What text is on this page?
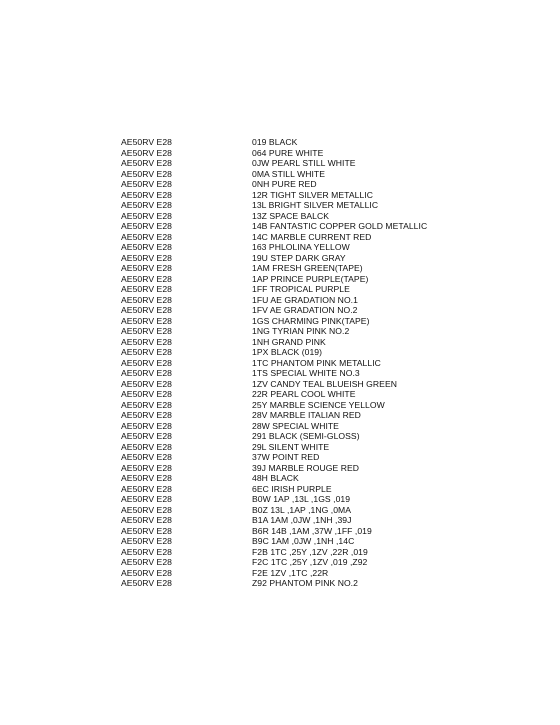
AE50RV E28	019 BLACK
AE50RV E28	064 PURE WHITE
AE50RV E28	0JW PEARL STILL WHITE
AE50RV E28	0MA STILL WHITE
AE50RV E28	0NH PURE RED
AE50RV E28	12R TIGHT SILVER METALLIC
AE50RV E28	13L BRIGHT SILVER METALLIC
AE50RV E28	13Z SPACE BALCK
AE50RV E28	14B FANTASTIC COPPER GOLD METALLIC
AE50RV E28	14C MARBLE CURRENT RED
AE50RV E28	163 PHLOLINA YELLOW
AE50RV E28	19U STEP DARK GRAY
AE50RV E28	1AM FRESH GREEN(TAPE)
AE50RV E28	1AP PRINCE PURPLE(TAPE)
AE50RV E28	1FF TROPICAL PURPLE
AE50RV E28	1FU AE GRADATION NO.1
AE50RV E28	1FV AE GRADATION NO.2
AE50RV E28	1GS CHARMING PINK(TAPE)
AE50RV E28	1NG TYRIAN PINK NO.2
AE50RV E28	1NH GRAND PINK
AE50RV E28	1PX BLACK (019)
AE50RV E28	1TC PHANTOM PINK METALLIC
AE50RV E28	1TS SPECIAL WHITE NO.3
AE50RV E28	1ZV CANDY TEAL BLUEISH GREEN
AE50RV E28	22R PEARL COOL WHITE
AE50RV E28	25Y MARBLE SCIENCE YELLOW
AE50RV E28	28V MARBLE ITALIAN RED
AE50RV E28	28W SPECIAL WHITE
AE50RV E28	291 BLACK (SEMI-GLOSS)
AE50RV E28	29L SILENT WHITE
AE50RV E28	37W POINT RED
AE50RV E28	39J MARBLE ROUGE RED
AE50RV E28	48H BLACK
AE50RV E28	6EC IRISH PURPLE
AE50RV E28	B0W 1AP ,13L ,1GS ,019
AE50RV E28	B0Z 13L ,1AP ,1NG ,0MA
AE50RV E28	B1A 1AM ,0JW ,1NH ,39J
AE50RV E28	B6R 14B ,1AM ,37W ,1FF ,019
AE50RV E28	B9C 1AM ,0JW ,1NH ,14C
AE50RV E28	F2B 1TC ,25Y ,1ZV ,22R ,019
AE50RV E28	F2C 1TC ,25Y ,1ZV ,019 ,Z92
AE50RV E28	F2E 1ZV ,1TC ,22R
AE50RV E28	Z92 PHANTOM PINK NO.2
